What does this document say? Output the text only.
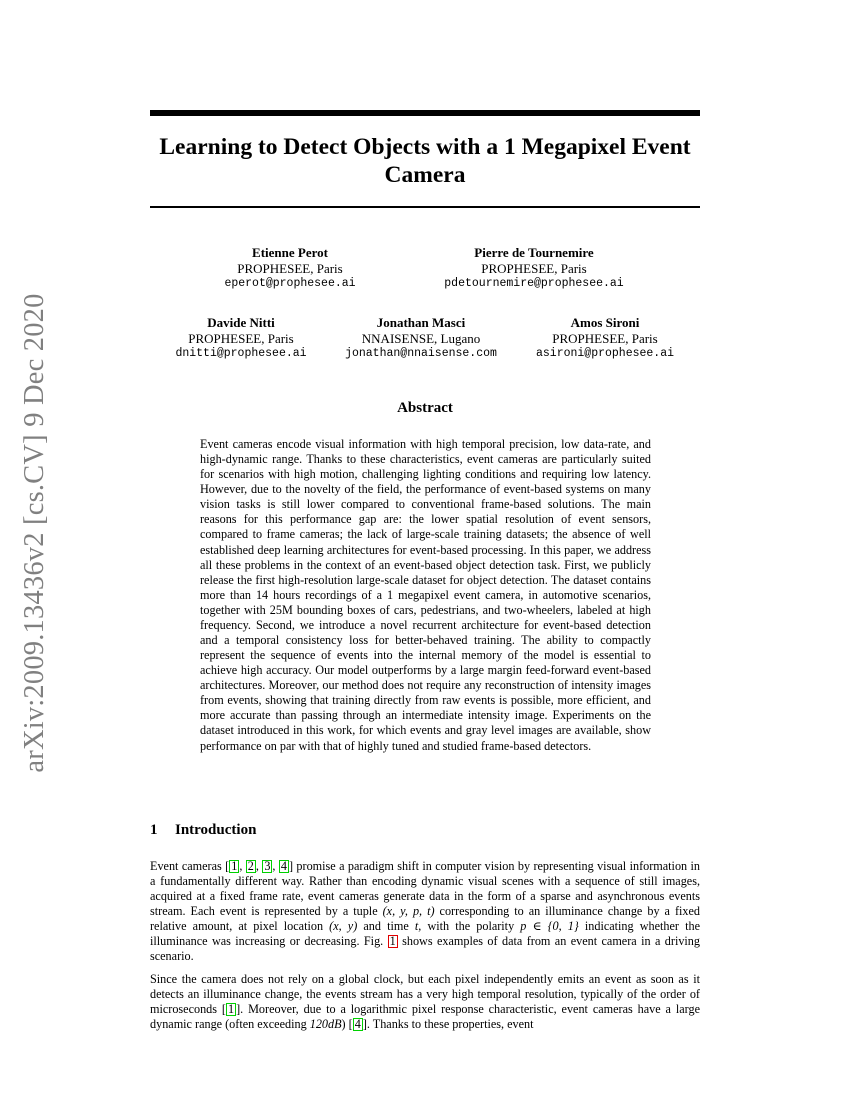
arXiv:2009.13436v2 [cs.CV] 9 Dec 2020
Learning to Detect Objects with a 1 Megapixel Event
Camera
Etienne Perot
PROPHESEE, Paris
eperot@prophesee.ai
Pierre de Tournemire
PROPHESEE, Paris
pdetournemire@prophesee.ai
Davide Nitti
PROPHESEE, Paris
dnitti@prophesee.ai
Jonathan Masci
NNAISENSE, Lugano
jonathan@nnaisense.com
Amos Sironi
PROPHESEE, Paris
asironi@prophesee.ai
Abstract
Event cameras encode visual information with high temporal precision, low data-rate, and high-dynamic range. Thanks to these characteristics, event cameras are particularly suited for scenarios with high motion, challenging lighting conditions and requiring low latency. However, due to the novelty of the field, the performance of event-based systems on many vision tasks is still lower compared to conventional frame-based solutions. The main reasons for this performance gap are: the lower spatial resolution of event sensors, compared to frame cameras; the lack of large-scale training datasets; the absence of well established deep learning architectures for event-based processing. In this paper, we address all these problems in the context of an event-based object detection task. First, we publicly release the first high-resolution large-scale dataset for object detection. The dataset contains more than 14 hours recordings of a 1 megapixel event camera, in automotive scenarios, together with 25M bounding boxes of cars, pedestrians, and two-wheelers, labeled at high frequency. Second, we introduce a novel recurrent architecture for event-based detection and a temporal consistency loss for better-behaved training. The ability to compactly represent the sequence of events into the internal memory of the model is essential to achieve high accuracy. Our model outperforms by a large margin feed-forward event-based architectures. Moreover, our method does not require any reconstruction of intensity images from events, showing that training directly from raw events is possible, more efficient, and more accurate than passing through an intermediate intensity image. Experiments on the dataset introduced in this work, for which events and gray level images are available, show performance on par with that of highly tuned and studied frame-based detectors.
1 Introduction
Event cameras [ 1 , 2 , 3 , 4 ] promise a paradigm shift in computer vision by representing visual information in a fundamentally different way. Rather than encoding dynamic visual scenes with a sequence of still images, acquired at a fixed frame rate, event cameras generate data in the form of a sparse and asynchronous events stream. Each event is represented by a tuple (x, y, p, t) corresponding to an illuminance change by a fixed relative amount, at pixel location (x, y) and time t, with the polarity p ∈ {0, 1} indicating whether the illuminance was increasing or decreasing. Fig. 1 shows examples of data from an event camera in a driving scenario.
Since the camera does not rely on a global clock, but each pixel independently emits an event as soon as it detects an illuminance change, the events stream has a very high temporal resolution, typically of the order of microseconds [ 1 ]. Moreover, due to a logarithmic pixel response characteristic, event cameras have a large dynamic range (often exceeding 120dB) [ 4 ]. Thanks to these properties, event
